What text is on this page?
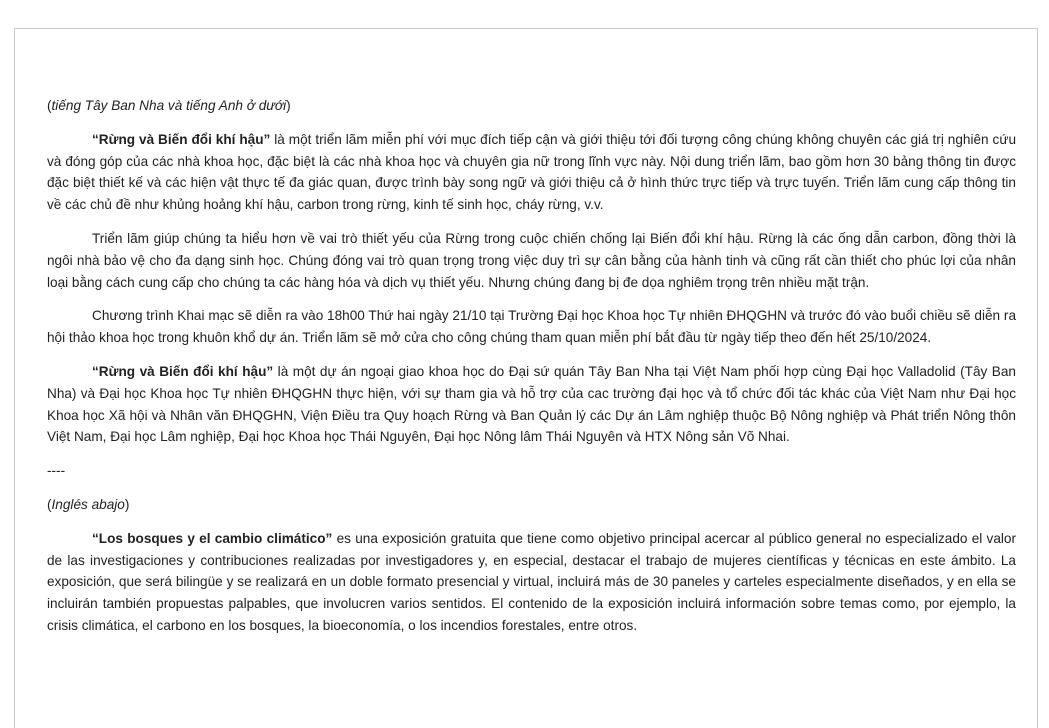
(tiếng Tây Ban Nha và tiếng Anh ở dưới)

“Rừng và Biến đổi khí hậu” là một triển lãm miễn phí với mục đích tiếp cận và giới thiệu tới đối tượng công chúng không chuyên các giá trị nghiên cứu và đóng góp của các nhà khoa học, đặc biệt là các nhà khoa học và chuyên gia nữ trong lĩnh vực này. Nội dung triển lãm, bao gồm hơn 30 bảng thông tin được đặc biệt thiết kế và các hiện vật thực tế đa giác quan, được trình bày song ngữ và giới thiệu cả ở hình thức trực tiếp và trực tuyến. Triển lãm cung cấp thông tin về các chủ đề như khủng hoảng khí hậu, carbon trong rừng, kinh tế sinh học, cháy rừng, v.v.

Triển lãm giúp chúng ta hiểu hơn về vai trò thiết yếu của Rừng trong cuộc chiến chống lại Biến đổi khí hậu. Rừng là các ống dẫn carbon, đồng thời là ngôi nhà bảo vệ cho đa dạng sinh học. Chúng đóng vai trò quan trọng trong việc duy trì sự cân bằng của hành tinh và cũng rất cần thiết cho phúc lợi của nhân loại bằng cách cung cấp cho chúng ta các hàng hóa và dịch vụ thiết yếu. Nhưng chúng đang bị đe dọa nghiêm trọng trên nhiều mặt trận.

Chương trình Khai mạc sẽ diễn ra vào 18h00 Thứ hai ngày 21/10 tại Trường Đại học Khoa học Tự nhiên ĐHQGHN và trước đó vào buổi chiều sẽ diễn ra hội thảo khoa học trong khuôn khổ dự án. Triển lãm sẽ mở cửa cho công chúng tham quan miễn phí bắt đầu từ ngày tiếp theo đến hết 25/10/2024.

“Rừng và Biến đổi khí hậu” là một dự án ngoại giao khoa học do Đại sứ quán Tây Ban Nha tại Việt Nam phối hợp cùng Đại học Valladolid (Tây Ban Nha) và Đại học Khoa học Tự nhiên ĐHQGHN thực hiện, với sự tham gia và hỗ trợ của cac trường đại học và tổ chức đối tác khác của Việt Nam như Đại học Khoa học Xã hội và Nhân văn ĐHQGHN, Viện Điều tra Quy hoạch Rừng và Ban Quản lý các Dự án Lâm nghiệp thuộc Bộ Nông nghiệp và Phát triển Nông thôn Việt Nam, Đại học Lâm nghiệp, Đại học Khoa học Thái Nguyên, Đại học Nông lâm Thái Nguyên và HTX Nông sản Võ Nhai.

----
(Inglés abajo)

“Los bosques y el cambio climático” es una exposición gratuita que tiene como objetivo principal acercar al público general no especializado el valor de las investigaciones y contribuciones realizadas por investigadores y, en especial, destacar el trabajo de mujeres científicas y técnicas en este ámbito. La exposición, que será bilingüe y se realizará en un doble formato presencial y virtual, incluirá más de 30 paneles y carteles especialmente diseñados, y en ella se incluirán también propuestas palpables, que involucren varios sentidos. El contenido de la exposición incluirá información sobre temas como, por ejemplo, la crisis climática, el carbono en los bosques, la bioeconomía, o los incendios forestales, entre otros.
